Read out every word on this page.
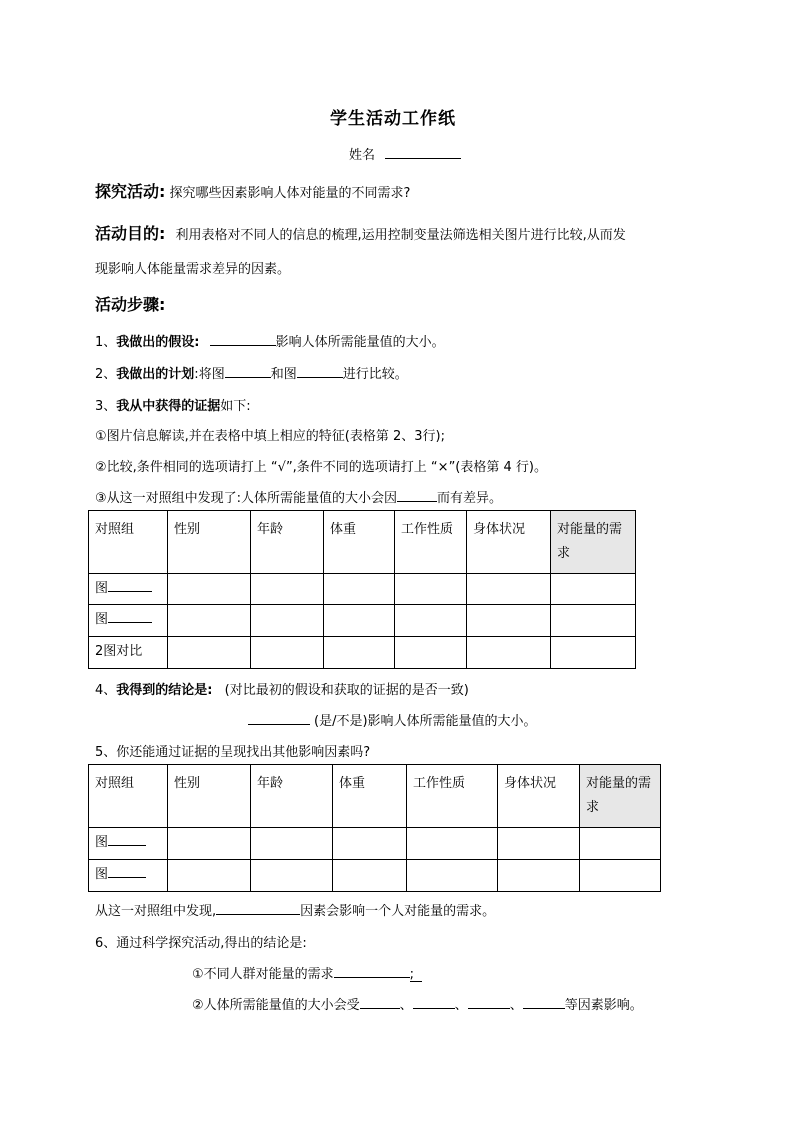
学生活动工作纸
姓名
探究活动: 探究哪些因素影响人体对能量的不同需求?
活动目的: 利用表格对不同人的信息的梳理,运用控制变量法筛选相关图片进行比较,从而发
现影响人体能量需求差异的因素。
活动步骤:
1、我做出的假设:	影响人体所需能量值的大小。
2、我做出的计划:将图	和图	进行比较。
3、我从中获得的证据如下:
①图片信息解读,并在表格中填上相应的特征(表格第 2、3行);
②比较,条件相同的选项请打上 “√”,条件不同的选项请打上 “×”(表格第 4 行)。
③从这一对照组中发现了:人体所需能量值的大小会因	而有差异。
对照组	性别	年龄	体重	工作性质	身体状况	对能量的需求
图						
图						
2图对比						
4、我得到的结论是: (对比最初的假设和获取的证据的是否一致)
(是/不是)影响人体所需能量值的大小。
5、你还能通过证据的呈现找出其他影响因素吗?
对照组	性别	年龄	体重	工作性质	身体状况	对能量的需求
图						
图						
从这一对照组中发现,	因素会影响一个人对能量的需求。
6、通过科学探究活动,得出的结论是:
①不同人群对能量的需求	;
②人体所需能量值的大小会受	、	、	、	等因素影响。
